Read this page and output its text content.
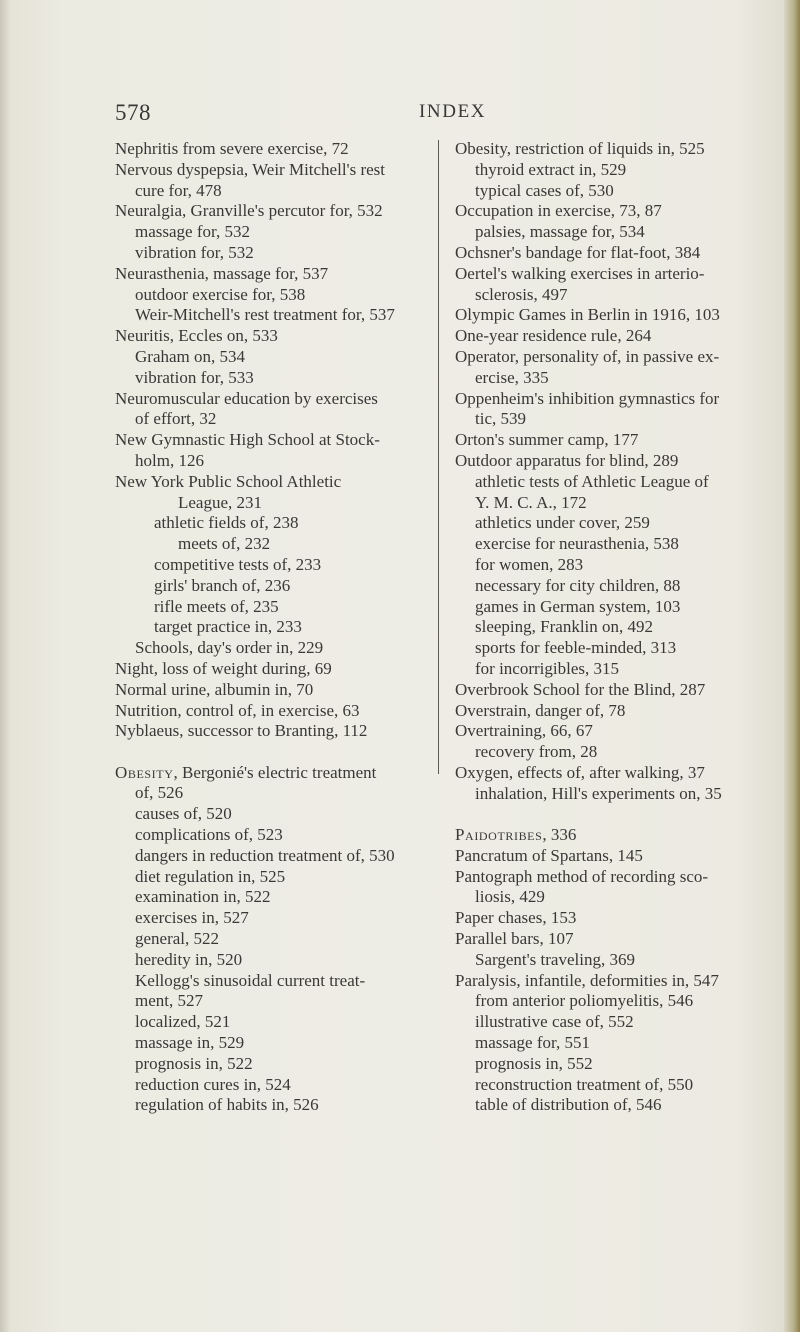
578	INDEX
Nephritis from severe exercise, 72
Nervous dyspepsia, Weir Mitchell's rest
cure for, 478
Neuralgia, Granville's percutor for, 532
massage for, 532
vibration for, 532
Neurasthenia, massage for, 537
outdoor exercise for, 538
Weir-Mitchell's rest treatment for, 537
Neuritis, Eccles on, 533
Graham on, 534
vibration for, 533
Neuromuscular education by exercises
of effort, 32
New Gymnastic High School at Stock-
holm, 126
New York Public School Athletic
League, 231
athletic fields of, 238
meets of, 232
competitive tests of, 233
girls' branch of, 236
rifle meets of, 235
target practice in, 233
Schools, day's order in, 229
Night, loss of weight during, 69
Normal urine, albumin in, 70
Nutrition, control of, in exercise, 63
Nyblaeus, successor to Branting, 112
Obesity, Bergonié's electric treatment
of, 526
causes of, 520
complications of, 523
dangers in reduction treatment of, 530
diet regulation in, 525
examination in, 522
exercises in, 527
general, 522
heredity in, 520
Kellogg's sinusoidal current treat-
ment, 527
localized, 521
massage in, 529
prognosis in, 522
reduction cures in, 524
regulation of habits in, 526
Obesity, restriction of liquids in, 525
thyroid extract in, 529
typical cases of, 530
Occupation in exercise, 73, 87
palsies, massage for, 534
Ochsner's bandage for flat-foot, 384
Oertel's walking exercises in arterio-
sclerosis, 497
Olympic Games in Berlin in 1916, 103
One-year residence rule, 264
Operator, personality of, in passive ex-
ercise, 335
Oppenheim's inhibition gymnastics for
tic, 539
Orton's summer camp, 177
Outdoor apparatus for blind, 289
athletic tests of Athletic League of
Y. M. C. A., 172
athletics under cover, 259
exercise for neurasthenia, 538
for women, 283
necessary for city children, 88
games in German system, 103
sleeping, Franklin on, 492
sports for feeble-minded, 313
for incorrigibles, 315
Overbrook School for the Blind, 287
Overstrain, danger of, 78
Overtraining, 66, 67
recovery from, 28
Oxygen, effects of, after walking, 37
inhalation, Hill's experiments on, 35
Paidotribes, 336
Pancratum of Spartans, 145
Pantograph method of recording sco-
liosis, 429
Paper chases, 153
Parallel bars, 107
Sargent's traveling, 369
Paralysis, infantile, deformities in, 547
from anterior poliomyelitis, 546
illustrative case of, 552
massage for, 551
prognosis in, 552
reconstruction treatment of, 550
table of distribution of, 546
